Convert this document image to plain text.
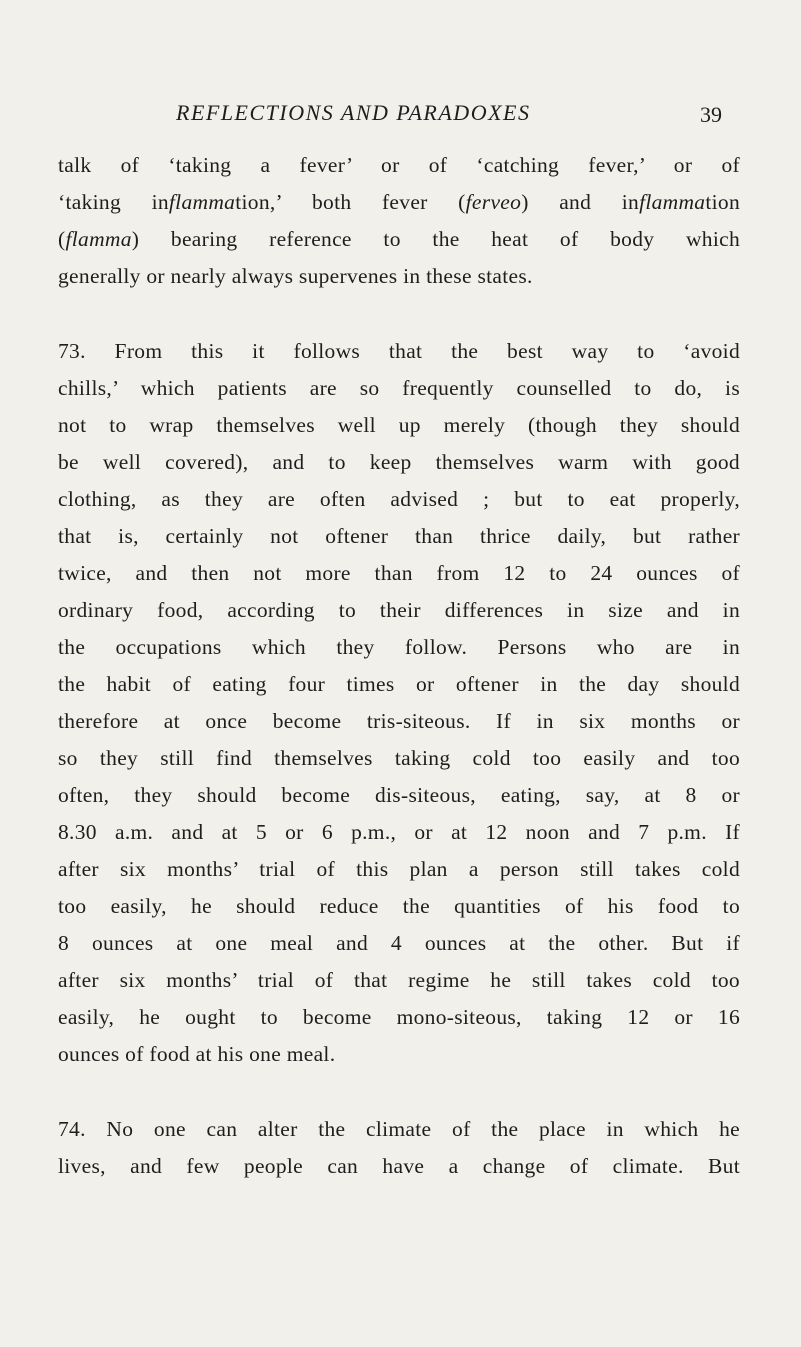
REFLECTIONS AND PARADOXES	39
talk of ‘taking a fever’ or of ‘catching fever,’ or of
‘taking inflammation,’ both fever (ferveo) and inflammation
(flamma) bearing reference to the heat of body which
generally or nearly always supervenes in these states.
73. From this it follows that the best way to ‘avoid
chills,’ which patients are so frequently counselled to do, is
not to wrap themselves well up merely (though they should
be well covered), and to keep themselves warm with good
clothing, as they are often advised ; but to eat properly,
that is, certainly not oftener than thrice daily, but rather
twice, and then not more than from 12 to 24 ounces of
ordinary food, according to their differences in size and in
the occupations which they follow. Persons who are in
the habit of eating four times or oftener in the day should
therefore at once become tris-siteous. If in six months or
so they still find themselves taking cold too easily and too
often, they should become dis-siteous, eating, say, at 8 or
8.30 a.m. and at 5 or 6 p.m., or at 12 noon and 7 p.m. If
after six months’ trial of this plan a person still takes cold
too easily, he should reduce the quantities of his food to
8 ounces at one meal and 4 ounces at the other. But if
after six months’ trial of that regime he still takes cold too
easily, he ought to become mono-siteous, taking 12 or 16
ounces of food at his one meal.
74. No one can alter the climate of the place in which he
lives, and few people can have a change of climate. But
